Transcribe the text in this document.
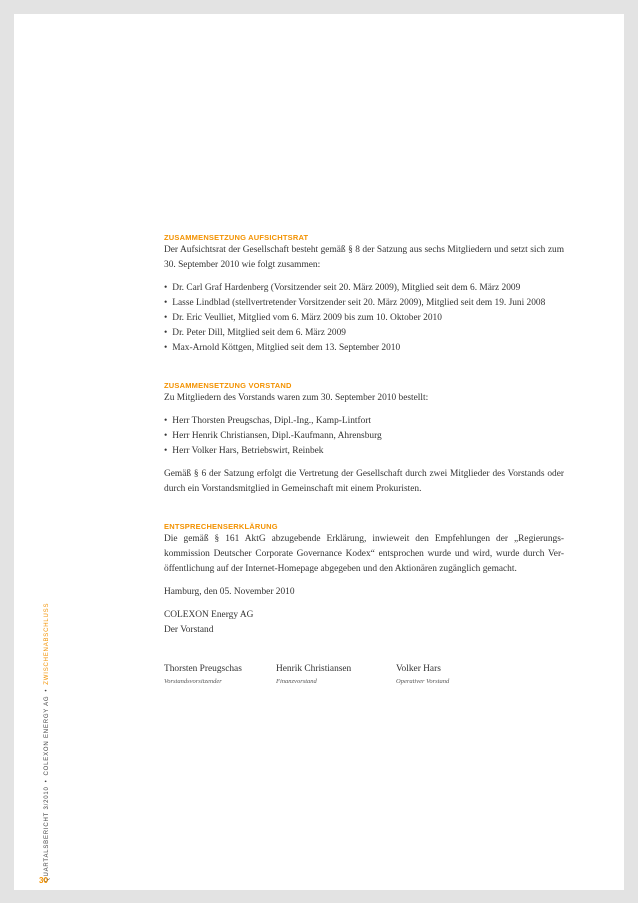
QUARTALSBERICHT 3/2010•COLEXON ENERGY AG•ZWISCHENABSCHLUSS
30
ZUSAMMENSETZUNG AUFSICHTSRAT
Der Aufsichtsrat der Gesellschaft besteht gemäß § 8 der Satzung aus sechs Mitgliedern und setzt sich zum 30. September 2010 wie folgt zusammen:
• Dr. Carl Graf Hardenberg (Vorsitzender seit 20. März 2009), Mitglied seit dem 6. März 2009
• Lasse Lindblad (stellvertretender Vorsitzender seit 20. März 2009), Mitglied seit dem 19. Juni 2008
• Dr. Eric Veulliet, Mitglied vom 6. März 2009 bis zum 10. Oktober 2010
• Dr. Peter Dill, Mitglied seit dem 6. März 2009
• Max-Arnold Köttgen, Mitglied seit dem 13. September 2010
ZUSAMMENSETZUNG VORSTAND
Zu Mitgliedern des Vorstands waren zum 30. September 2010 bestellt:
• Herr Thorsten Preugschas, Dipl.-Ing., Kamp-Lintfort
• Herr Henrik Christiansen, Dipl.-Kaufmann, Ahrensburg
• Herr Volker Hars, Betriebswirt, Reinbek
Gemäß § 6 der Satzung erfolgt die Vertretung der Gesellschaft durch zwei Mitglieder des Vorstands oder durch ein Vorstandsmitglied in Gemeinschaft mit einem Prokuristen.
ENTSPRECHENSERKLÄRUNG
Die gemäß § 161 AktG abzugebende Erklärung, inwieweit den Empfehlungen der „Regierungs-kommission Deutscher Corporate Governance Kodex“ entsprochen wurde und wird, wurde durch Ver-öffentlichung auf der Internet-Homepage abgegeben und den Aktionären zugänglich gemacht.
Hamburg, den 05. November 2010
COLEXON Energy AG
Der Vorstand
Thorsten Preugschas
Vorstandsvorsitzender
Henrik Christiansen
Finanzvorstand
Volker Hars
Operativer Vorstand
